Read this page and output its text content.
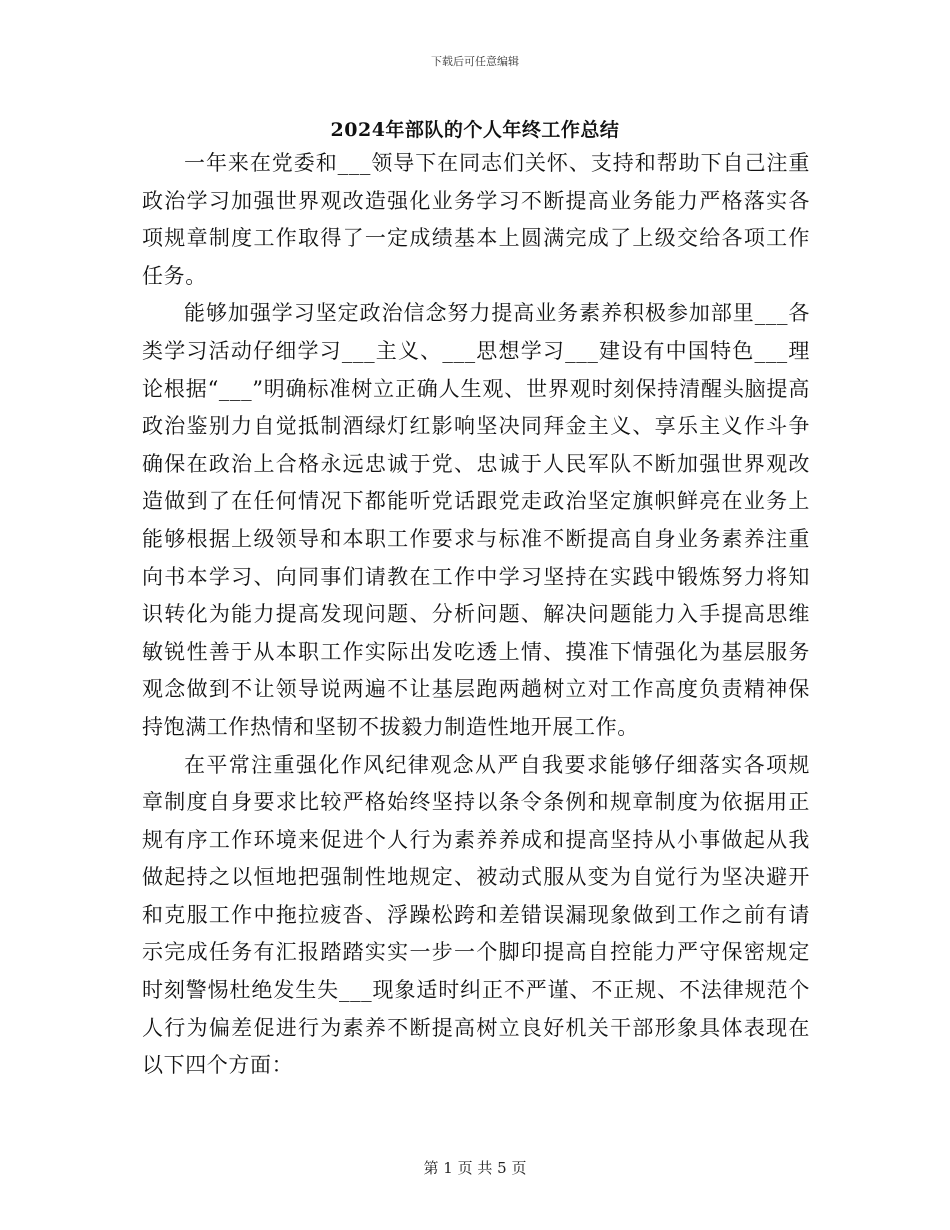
下载后可任意编辑
2024年部队的个人年终工作总结

一年来在党委和___领导下在同志们关怀、支持和帮助下自己注重政治学习加强世界观改造强化业务学习不断提高业务能力严格落实各项规章制度工作取得了一定成绩基本上圆满完成了上级交给各项工作任务。

能够加强学习坚定政治信念努力提高业务素养积极参加部里___各类学习活动仔细学习___主义、___思想学习___建设有中国特色___理论根据“___”明确标准树立正确人生观、世界观时刻保持清醒头脑提高政治鉴别力自觉抵制酒绿灯红影响坚决同拜金主义、享乐主义作斗争确保在政治上合格永远忠诚于党、忠诚于人民军队不断加强世界观改造做到了在任何情况下都能听党话跟党走政治坚定旗帜鲜亮在业务上能够根据上级领导和本职工作要求与标准不断提高自身业务素养注重向书本学习、向同事们请教在工作中学习坚持在实践中锻炼努力将知识转化为能力提高发现问题、分析问题、解决问题能力入手提高思维敏锐性善于从本职工作实际出发吃透上情、摸准下情强化为基层服务观念做到不让领导说两遍不让基层跑两趟树立对工作高度负责精神保持饱满工作热情和坚韧不拔毅力制造性地开展工作。

在平常注重强化作风纪律观念从严自我要求能够仔细落实各项规章制度自身要求比较严格始终坚持以条令条例和规章制度为依据用正规有序工作环境来促进个人行为素养养成和提高坚持从小事做起从我做起持之以恒地把强制性地规定、被动式服从变为自觉行为坚决避开和克服工作中拖拉疲沓、浮躁松跨和差错误漏现象做到工作之前有请示完成任务有汇报踏踏实实一步一个脚印提高自控能力严守保密规定时刻警惕杜绝发生失___现象适时纠正不严谨、不正规、不法律规范个人行为偏差促进行为素养不断提高树立良好机关干部形象具体表现在以下四个方面：

第 1 页 共 5 页
